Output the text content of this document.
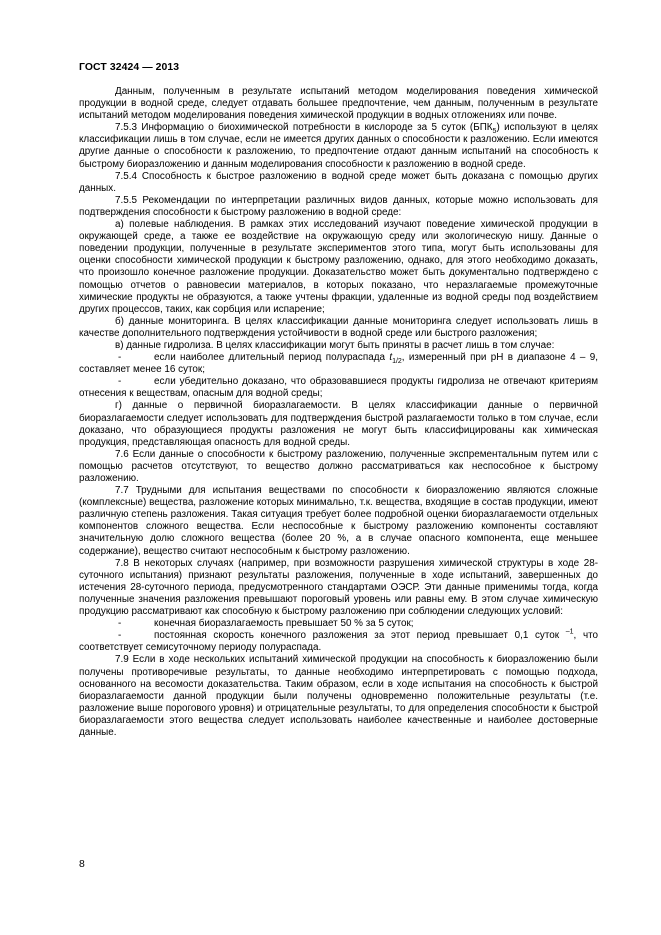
ГОСТ 32424 — 2013

Данным, полученным в результате испытаний методом моделирования поведения химической продукции в водной среде, следует отдавать большее предпочтение, чем данным, полученным в результате испытаний методом моделирования поведения химической продукции в водных отложениях или почве.

7.5.3 Информацию о биохимической потребности в кислороде за 5 суток $(БПК_5)$ используют в целях классификации лишь в том случае, если не имеется других данных о способности к разложению. Если имеются другие данные о способности к разложению, то предпочтение отдают данным испытаний на способность к быстрому биоразложению и данным моделирования способности к разложению в водной среде.

7.5.4 Способность к быстрое разложению в водной среде может быть доказана с помощью других данных.

7.5.5 Рекомендации по интерпретации различных видов данных, которые можно использовать для подтверждения способности к быстрому разложению в водной среде:

а) полевые наблюдения. В рамках этих исследований изучают поведение химической продукции в окружающей среде, а также ее воздействие на окружающую среду или экологическую нишу. Данные о поведении продукции, полученные в результате экспериментов этого типа, могут быть использованы для оценки способности химической продукции к быстрому разложению, однако, для этого необходимо доказать, что произошло конечное разложение продукции. Доказательство может быть документально подтверждено с помощью отчетов о равновесии материалов, в которых показано, что неразлагаемые промежуточные химические продукты не образуются, а также учтены фракции, удаленные из водной среды под воздействием других процессов, таких, как сорбция или испарение;

б) данные мониторинга. В целях классификации данные мониторинга следует использовать лишь в качестве дополнительного подтверждения устойчивости в водной среде или быстрого разложения;

в) данные гидролиза. В целях классификации могут быть приняты в расчет лишь в том случае:

-	если наиболее длительный период полураспада $t_{1/2}$, измеренный при рН в диапазоне 4 – 9, составляет менее 16 суток;

-	если убедительно доказано, что образовавшиеся продукты гидролиза не отвечают критериям отнесения к веществам, опасным для водной среды;

г) данные о первичной биоразлагаемости. В целях классификации данные о первичной биоразлагаемости следует использовать для подтверждения быстрой разлагаемости только в том случае, если доказано, что образующиеся продукты разложения не могут быть классифицированы как химическая продукция, представляющая опасность для водной среды.

7.6 Если данные о способности к быстрому разложению, полученные экспрементальным путем или с помощью расчетов отсутствуют, то вещество должно рассматриваться как неспособное к быстрому разложению.

7.7 Трудными для испытания веществами по способности к биоразложению являются сложные (комплексные) вещества, разложение которых минимально, т.к. вещества, входящие в состав продукции, имеют различную степень разложения. Такая ситуация требует более подробной оценки биоразлагаемости отдельных компонентов сложного вещества. Если неспособные к быстрому разложению компоненты составляют значительную долю сложного вещества (более 20 %, а в случае опасного компонента, еще меньшее содержание), вещество считают неспособным к быстрому разложению.

7.8 В некоторых случаях (например, при возможности разрушения химической структуры в ходе 28-суточного испытания) признают результаты разложения, полученные в ходе испытаний, завершенных до истечения 28-суточного периода, предусмотренного стандартами ОЭСР. Эти данные применимы тогда, когда полученные значения разложения превышают пороговый уровень или равны ему. В этом случае химическую продукцию рассматривают как способную к быстрому разложению при соблюдении следующих условий:

-	конечная биоразлагаемость превышает 50 % за 5 суток;

-	постоянная скорость конечного разложения за этот период превышает 0,1 суток $^{-1}$, что соответствует семисуточному периоду полураспада.

7.9 Если в ходе нескольких испытаний химической продукции на способность к биоразложению были получены противоречивые результаты, то данные необходимо интерпретировать с помощью подхода, основанного на весомости доказательства. Таким образом, если в ходе испытания на способность к быстрой биоразлагаемости данной продукции были получены одновременно положительные результаты (т.е. разложение выше порогового уровня) и отрицательные результаты, то для определения способности к быстрой биоразлагаемости этого вещества следует использовать наиболее качественные и наиболее достоверные данные.

8
